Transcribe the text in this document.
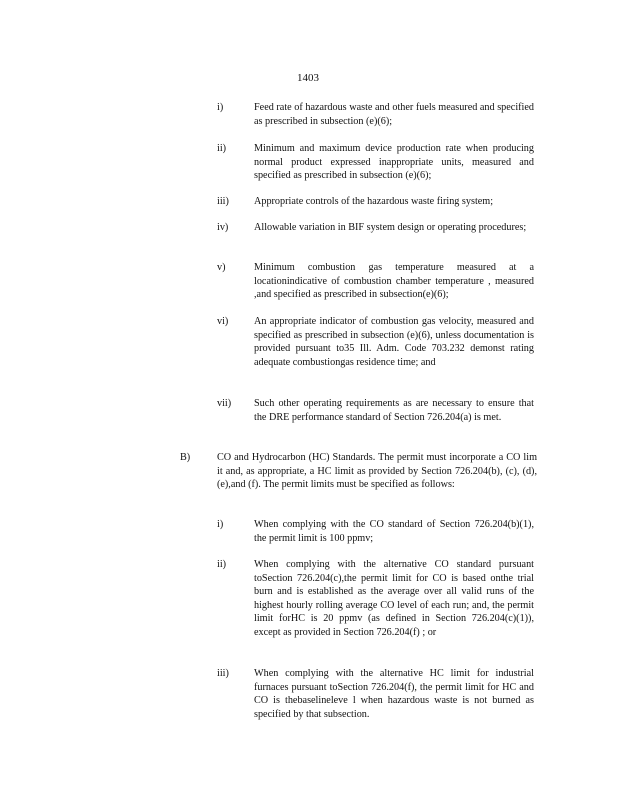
1403
i)	Feed rate of hazardous waste and other fuels measured and specified as prescribed in subsection (e)(6);
ii)	Minimum and maximum device production rate when producing normal product expressed inappropriate units, measured and specified as prescribed in subsection (e)(6);
iii) Appropriate controls of the hazardous waste firing system;
iv)	Allowable variation in BIF system design or operating procedures;
v)	Minimum combustion gas temperature measured at a locationindicative of combustion chamber temperature , measured ,and specified as prescribed in subsection(e)(6);
vi)	An appropriate indicator of combustion gas velocity, measured and specified as prescribed in subsection (e)(6), unless documentation is provided pursuant to35 Ill. Adm. Code 703.232 demonst rating adequate combustiongas residence time; and
vii) Such other operating requirements as are necessary to ensure that the DRE performance standard of Section 726.204(a) is met.
B)	CO and Hydrocarbon (HC) Standards. The permit must incorporate a CO lim it and, as appropriate, a HC limit as provided by Section 726.204(b), (c), (d), (e),and (f). The permit limits must be specified as follows:
i)	When complying with the CO standard of Section 726.204(b)(1), the permit limit is 100 ppmv;
ii)	When complying with the alternative CO standard pursuant toSection 726.204(c),the permit limit for CO is based onthe trial burn and is established as the average over all valid runs of the highest hourly rolling average CO level of each run; and, the permit limit forHC is 20 ppmv (as defined in Section 726.204(c)(1)), except as provided in Section 726.204(f) ; or
iii) When complying with the alternative HC limit for industrial furnaces pursuant toSection 726.204(f), the permit limit for HC and CO is thebaselineleve l when hazardous waste is not burned as specified by that subsection.
